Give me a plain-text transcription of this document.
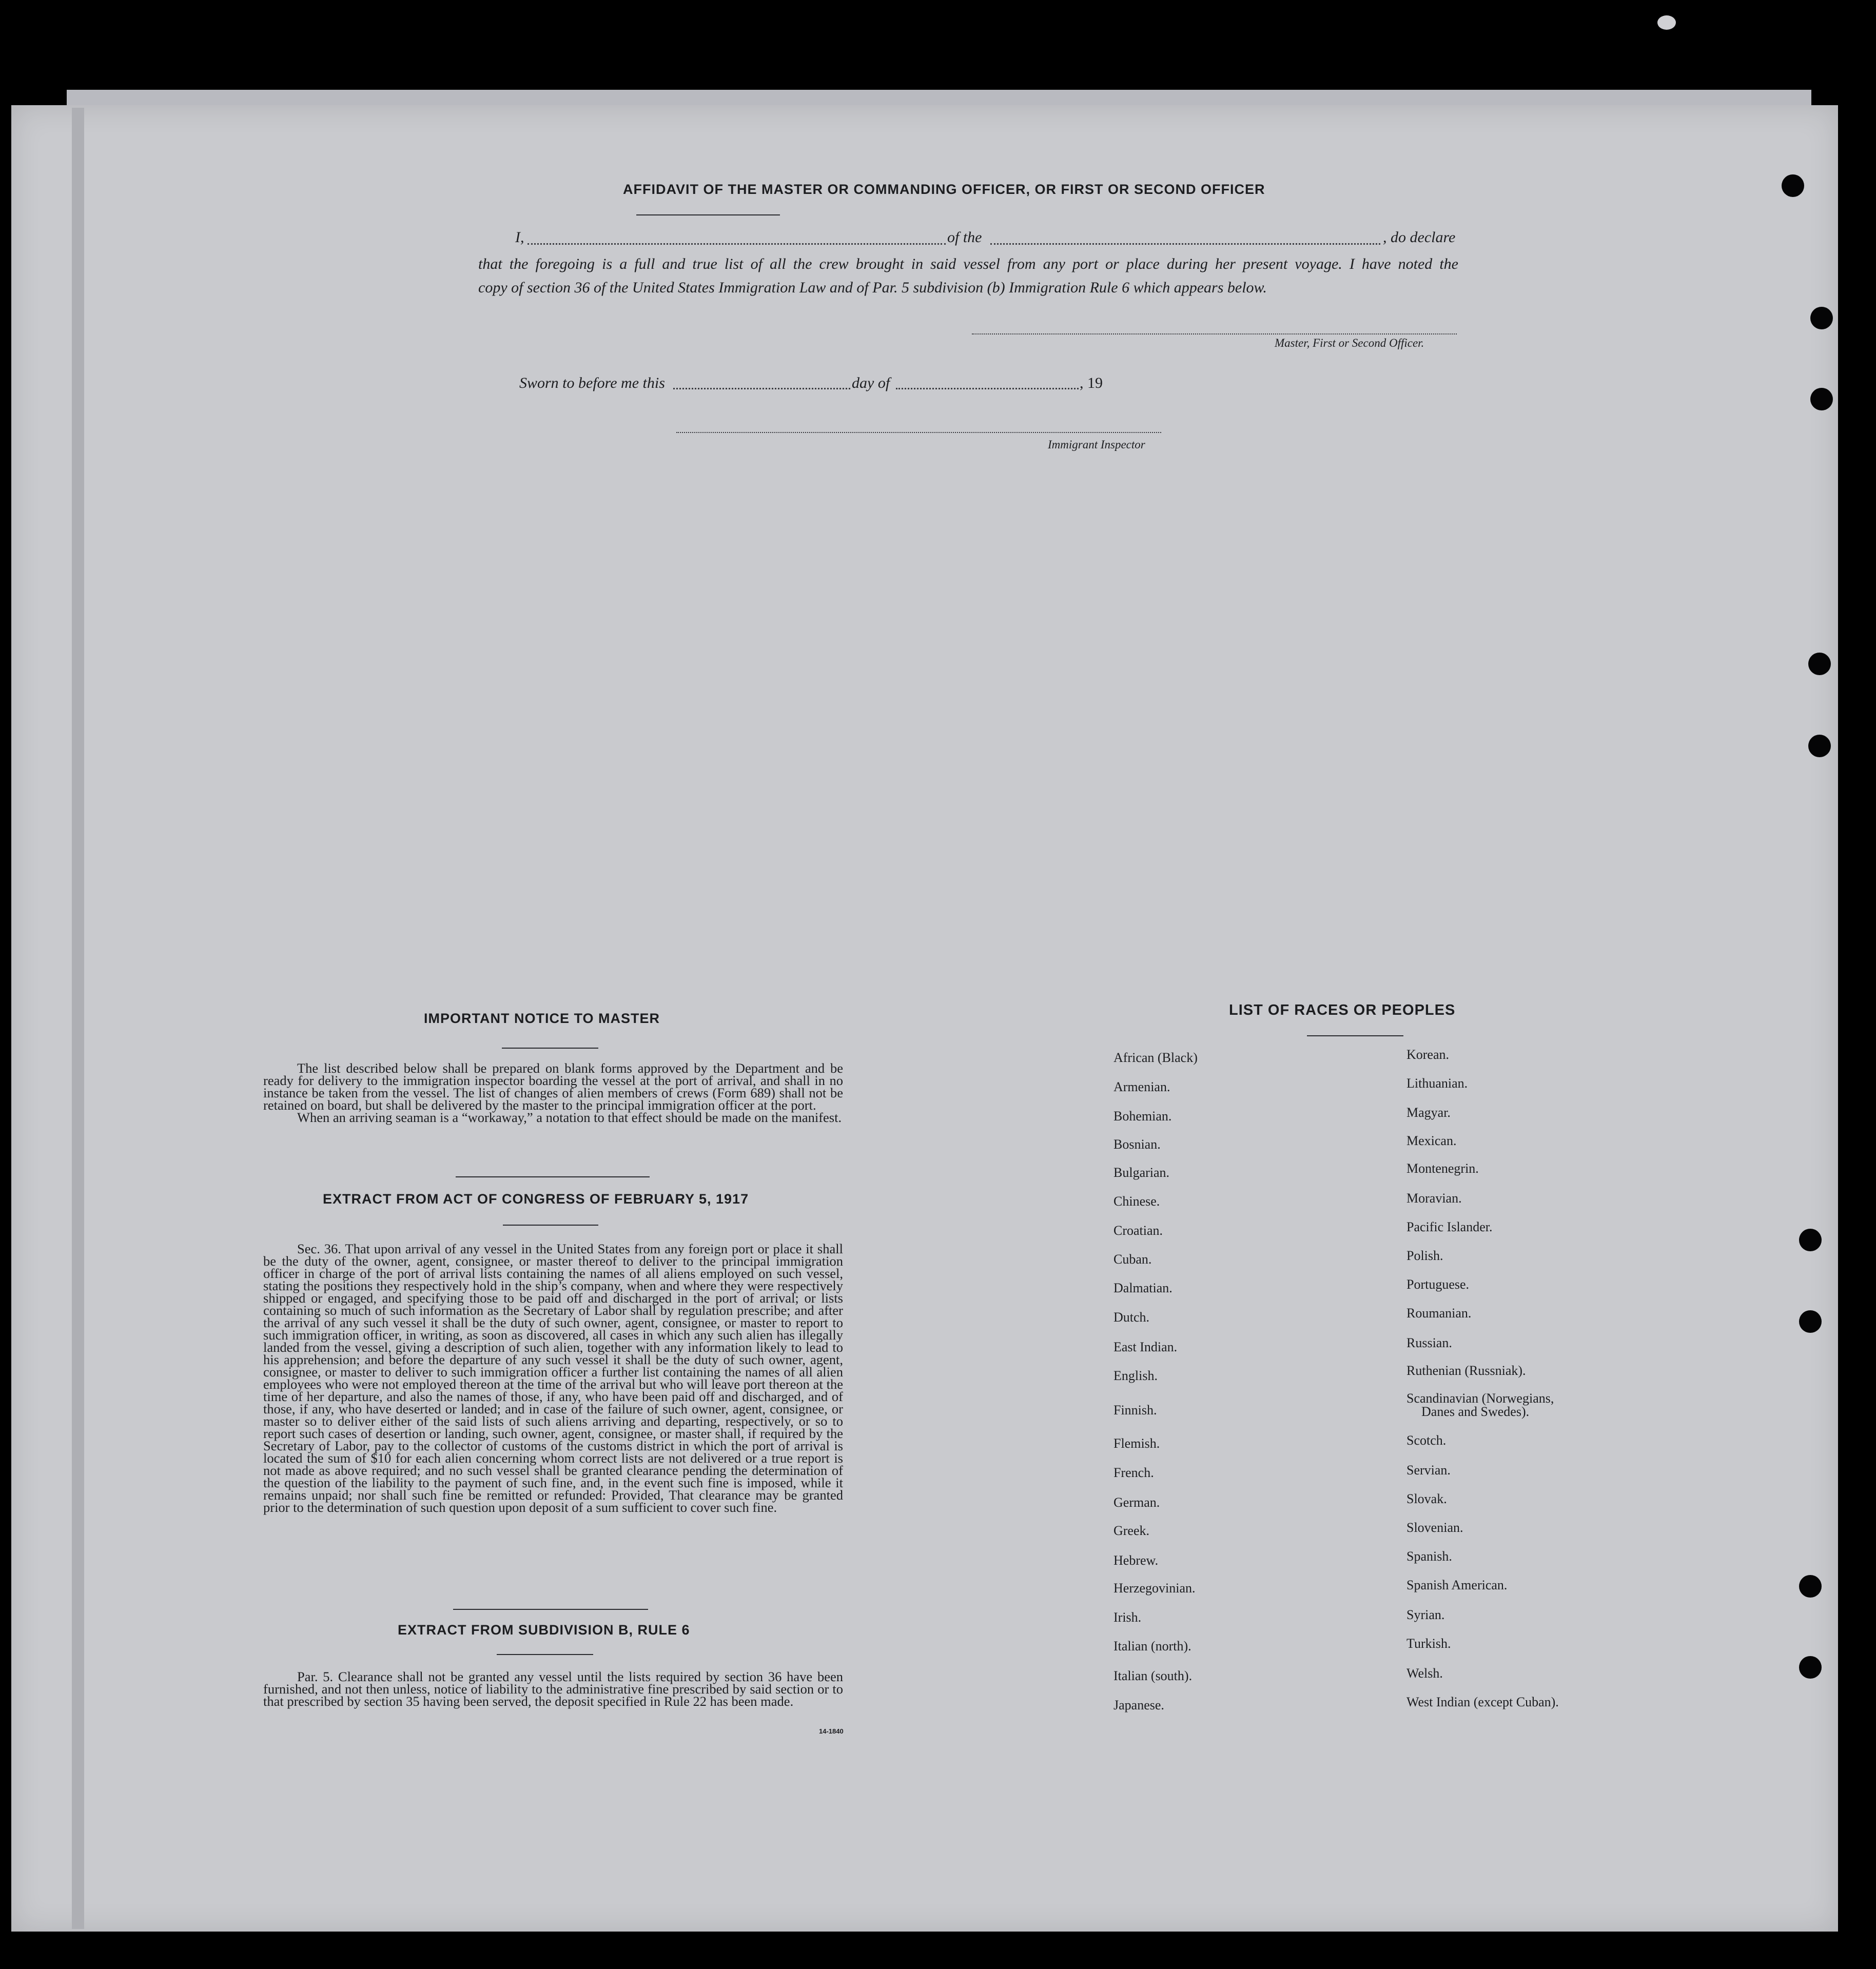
AFFIDAVIT OF THE MASTER OR COMMANDING OFFICER, OR FIRST OR SECOND OFFICER
I,	of the	, do declare
that the foregoing is a full and true list of all the crew brought in said vessel from any port or place during her present voyage. I have noted the
copy of section 36 of the United States Immigration Law and of Par. 5 subdivision (b) Immigration Rule 6 which appears below.
Master, First or Second Officer.
Sworn to before me this	day of	, 19
Immigrant Inspector
IMPORTANT NOTICE TO MASTER
The list described below shall be prepared on blank forms approved by the Department and be ready for delivery to the immigration inspector boarding the vessel at the port of arrival, and shall in no instance be taken from the vessel. The list of changes of alien members of crews (Form 689) shall not be retained on board, but shall be delivered by the master to the principal immigration officer at the port.
When an arriving seaman is a “workaway,” a notation to that effect should be made on the manifest.
EXTRACT FROM ACT OF CONGRESS OF FEBRUARY 5, 1917
Sec. 36. That upon arrival of any vessel in the United States from any foreign port or place it shall be the duty of the owner, agent, consignee, or master thereof to deliver to the principal immigration officer in charge of the port of arrival lists containing the names of all aliens employed on such vessel, stating the positions they respectively hold in the ship’s company, when and where they were respectively shipped or engaged, and specifying those to be paid off and discharged in the port of arrival; or lists containing so much of such information as the Secretary of Labor shall by regulation prescribe; and after the arrival of any such vessel it shall be the duty of such owner, agent, consignee, or master to report to such immigration officer, in writing, as soon as discovered, all cases in which any such alien has illegally landed from the vessel, giving a description of such alien, together with any information likely to lead to his apprehension; and before the departure of any such vessel it shall be the duty of such owner, agent, consignee, or master to deliver to such immigration officer a further list containing the names of all alien employees who were not employed thereon at the time of the arrival but who will leave port thereon at the time of her departure, and also the names of those, if any, who have been paid off and discharged, and of those, if any, who have deserted or landed; and in case of the failure of such owner, agent, consignee, or master so to deliver either of the said lists of such aliens arriving and departing, respectively, or so to report such cases of desertion or landing, such owner, agent, consignee, or master shall, if required by the Secretary of Labor, pay to the collector of customs of the customs district in which the port of arrival is located the sum of $10 for each alien concerning whom correct lists are not delivered or a true report is not made as above required; and no such vessel shall be granted clearance pending the determination of the question of the liability to the payment of such fine, and, in the event such fine is imposed, while it remains unpaid; nor shall such fine be remitted or refunded: Provided, That clearance may be granted prior to the determination of such question upon deposit of a sum sufficient to cover such fine.
EXTRACT FROM SUBDIVISION B, RULE 6
Par. 5. Clearance shall not be granted any vessel until the lists required by section 36 have been furnished, and not then unless, notice of liability to the administrative fine prescribed by said section or to that prescribed by section 35 having been served, the deposit specified in Rule 22 has been made.
14-1840
LIST OF RACES OR PEOPLES
African (Black)
Armenian.
Bohemian.
Bosnian.
Bulgarian.
Chinese.
Croatian.
Cuban.
Dalmatian.
Dutch.
East Indian.
English.
Finnish.
Flemish.
French.
German.
Greek.
Hebrew.
Herzegovinian.
Irish.
Italian (north).
Italian (south).
Japanese.
Korean.
Lithuanian.
Magyar.
Mexican.
Montenegrin.
Moravian.
Pacific Islander.
Polish.
Portuguese.
Roumanian.
Russian.
Ruthenian (Russniak).
Scandinavian (Norwegians,
Danes and Swedes).
Scotch.
Servian.
Slovak.
Slovenian.
Spanish.
Spanish American.
Syrian.
Turkish.
Welsh.
West Indian (except Cuban).
